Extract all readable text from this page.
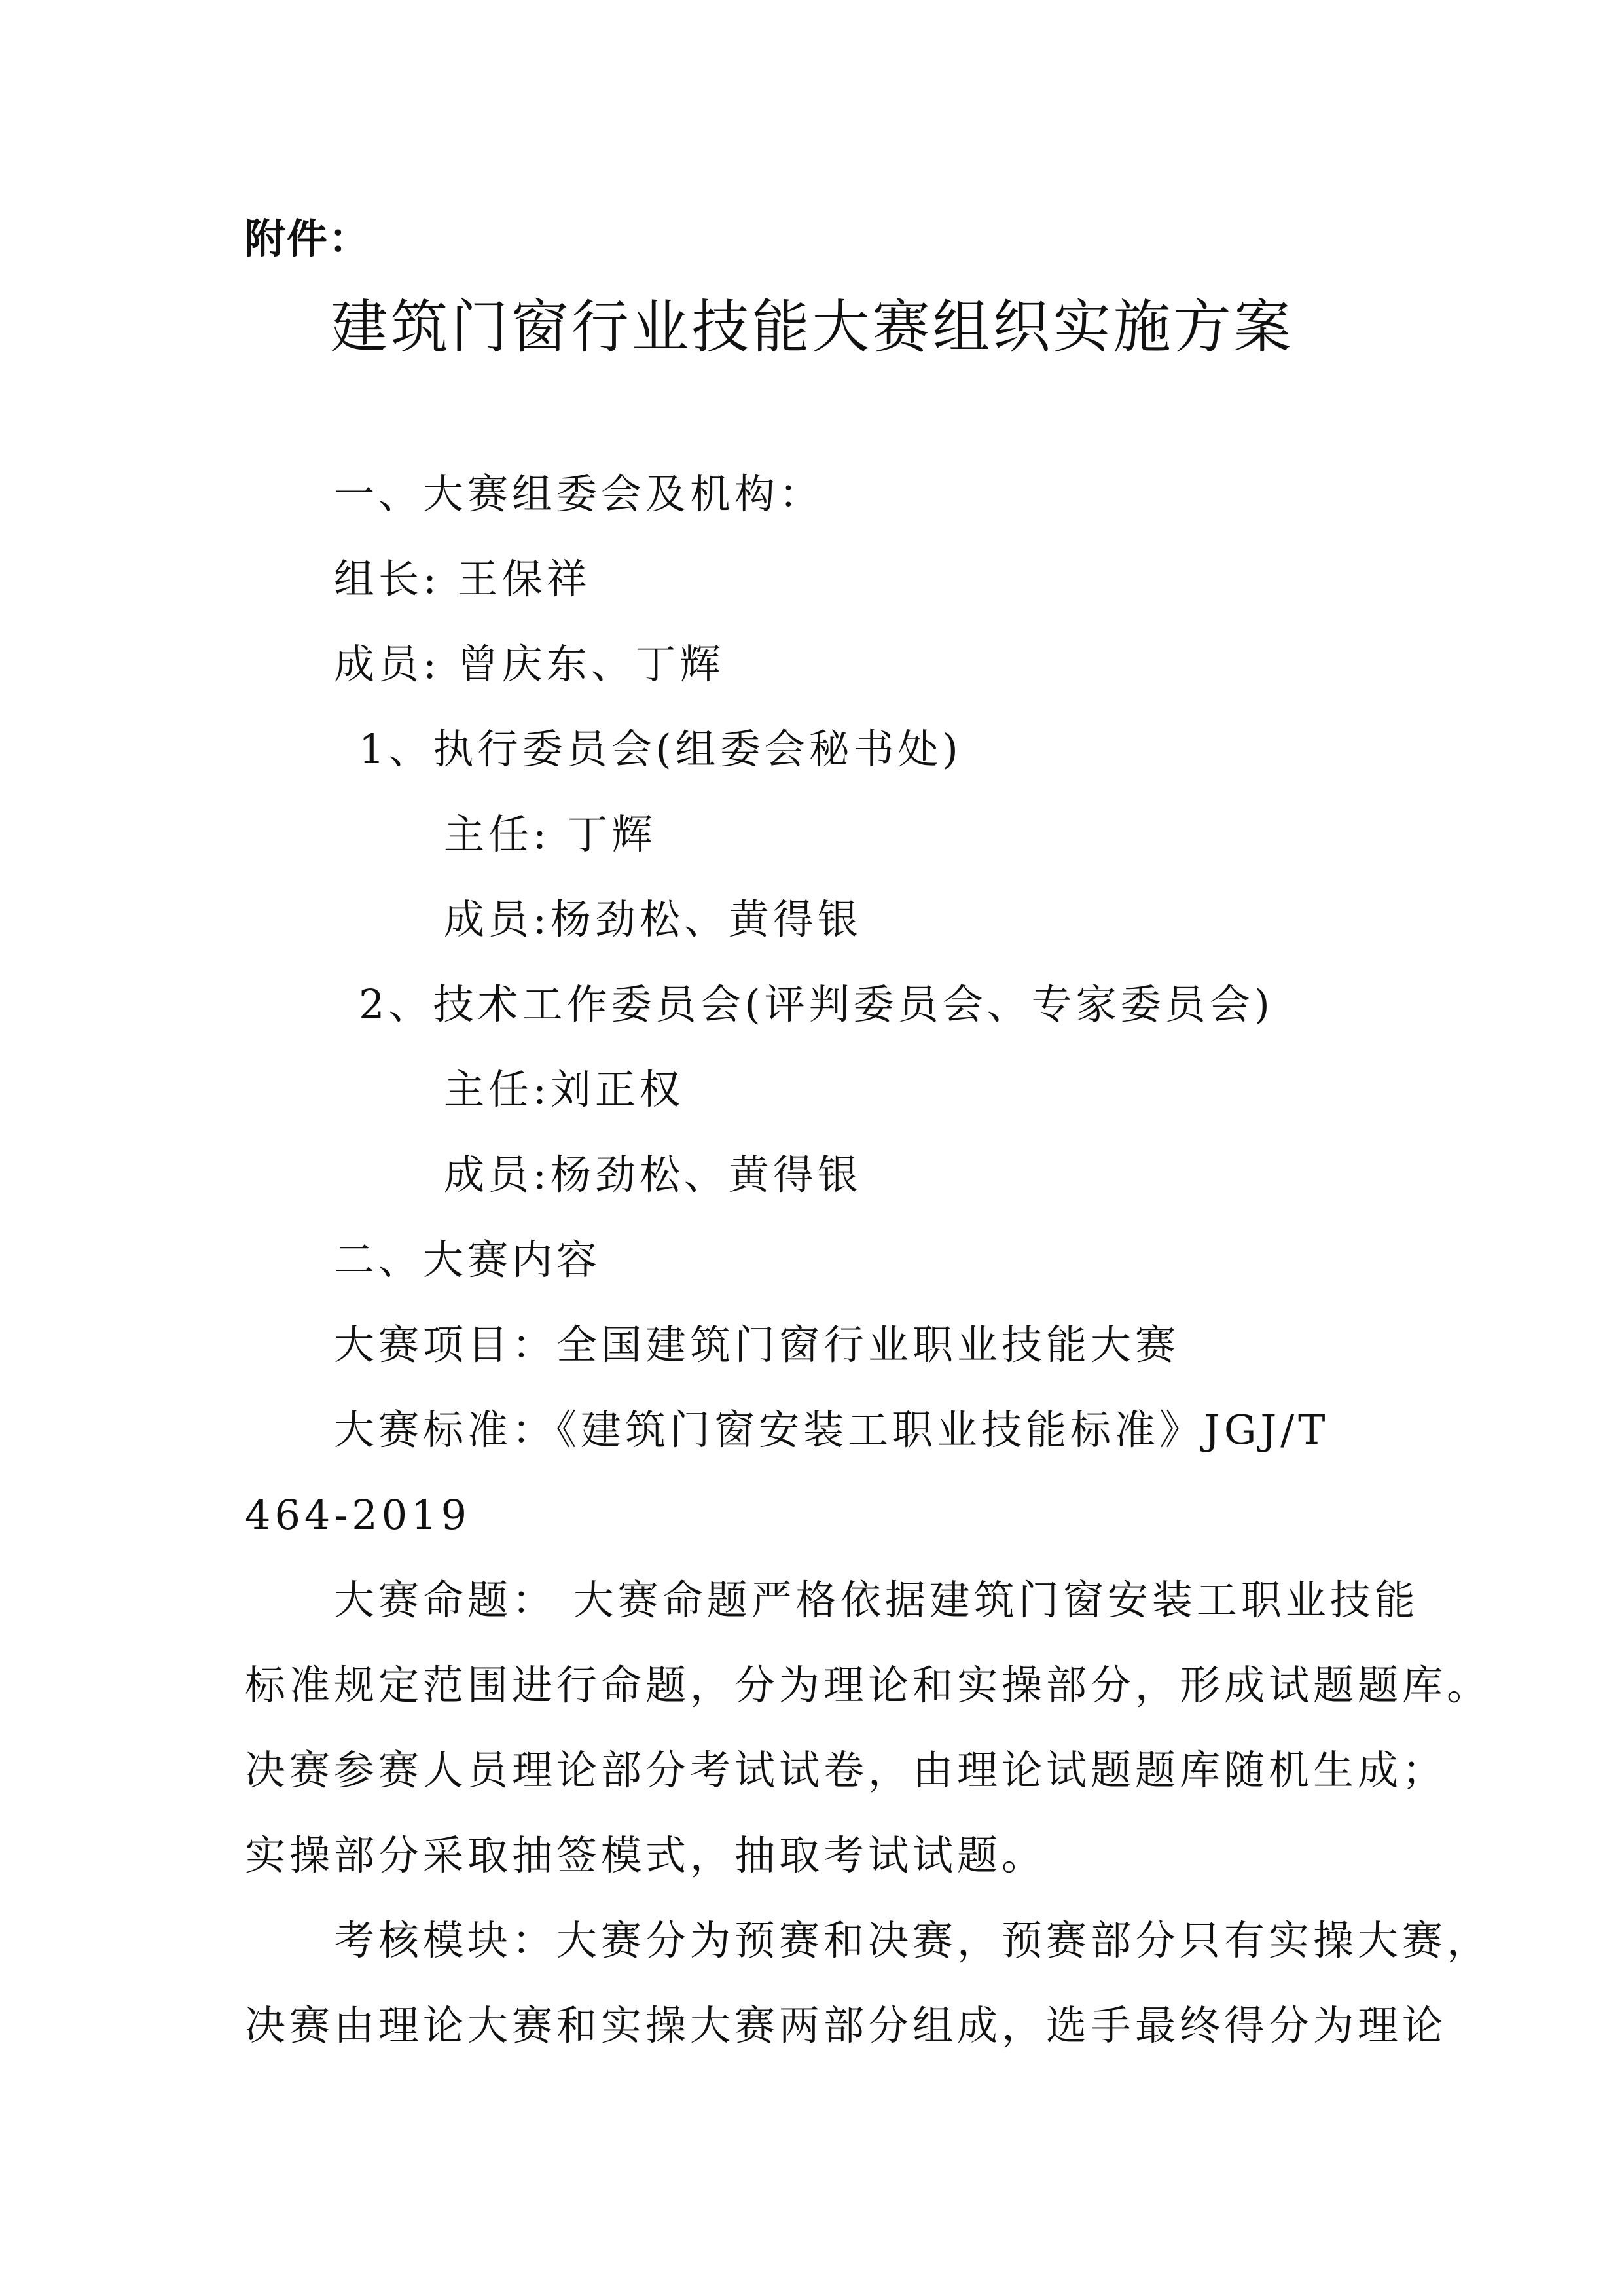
附件：
建筑门窗行业技能大赛组织实施方案
一、大赛组委会及机构：
组长: 王保祥
成员: 曾庆东、丁辉
1、执行委员会(组委会秘书处)
主任: 丁辉
成员:杨劲松、黄得银
2、技术工作委员会(评判委员会、专家委员会)
主任:刘正权
成员:杨劲松、黄得银
二、大赛内容
大赛项目：全国建筑门窗行业职业技能大赛
大赛标准：《建筑门窗安装工职业技能标准》JGJ/T
464-2019
大赛命题： 大赛命题严格依据建筑门窗安装工职业技能
标准规定范围进行命题，分为理论和实操部分，形成试题题库。
决赛参赛人员理论部分考试试卷，由理论试题题库随机生成；
实操部分采取抽签模式，抽取考试试题。
考核模块：大赛分为预赛和决赛，预赛部分只有实操大赛，
决赛由理论大赛和实操大赛两部分组成，选手最终得分为理论
